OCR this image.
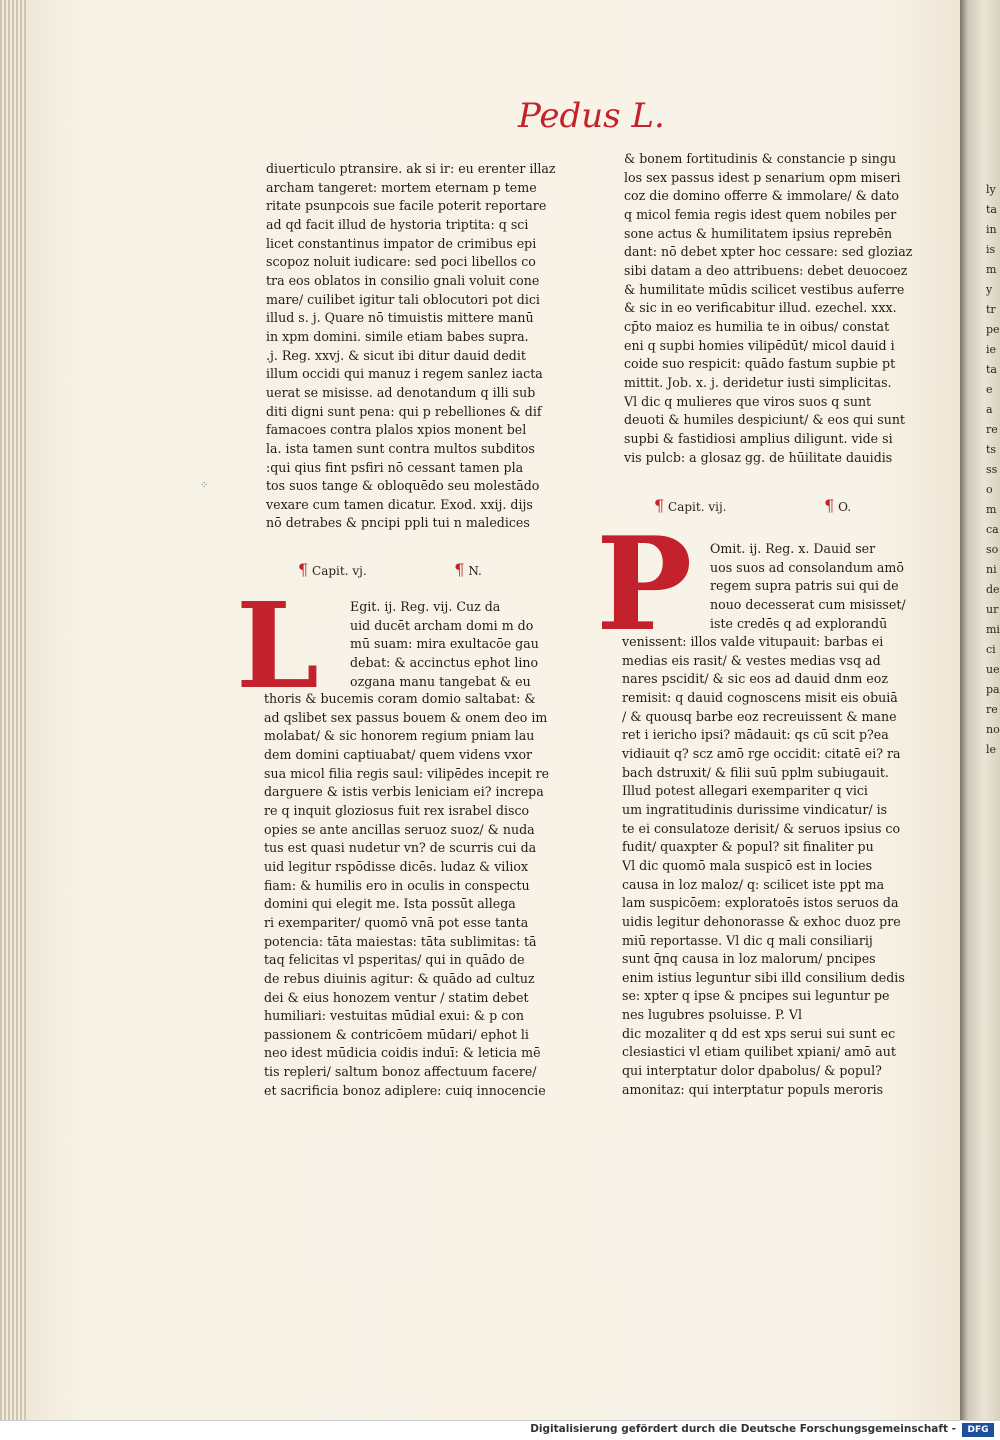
ly ta in is m y tr pe ie ta e a re ts ss o m ca so ni de ur mi ci ue pa re no le
Pedus L.
⁘
diuerticulo ptransire. ak si ir: eu erenter illaz
archam tangeret: mortem eternam p teme
ritate psunpcois sue facile poterit reportare
ad qd facit illud de hystoria triptita: q sci
licet constantinus impator de crimibus epi
scopoz noluit iudicare: sed poci libellos co
tra eos oblatos in consilio gnali voluit cone
mare/ cuilibet igitur tali oblocutori pot dici
illud s. j. Quare nō timuistis mittere manū
in xpm domini. simile etiam babes supra.
.j. Reg. xxvj. & sicut ibi ditur dauid dedit
illum occidi qui manuz i regem sanlez iacta
uerat se misisse. ad denotandum q illi sub
diti digni sunt pena: qui p rebelliones & dif
famacoes contra plalos xpios monent bel
la. ista tamen sunt contra multos subditos
:qui qius fint psfiri nō cessant tamen pla
tos suos tange & obloquēdo seu molestādo
vexare cum tamen dicatur. Exod. xxij. dijs
nō detrabes & pncipi ppli tui n maledices
¶ Capit. vj.	¶ N.
L Egit. ij. Reg. vij. Cuz da
uid ducēt archam domi m do
mū suam: mira exultacōe gau
debat: & accinctus ephot lino
ozgana manu tangebat & eu
thoris & bucemis coram domio saltabat: &
ad qslibet sex passus bouem & onem deo im
molabat/ & sic honorem regium pniam lau
dem domini captiuabat/ quem videns vxor
sua micol filia regis saul: vilipēdes incepit re
darguere & istis verbis leniciam ei? increpa
re q inquit gloziosus fuit rex israbel disco
opies se ante ancillas seruoz suoz/ & nuda
tus est quasi nudetur vn? de scurris cui da
uid legitur rspōdisse dicēs. ludaz & viliox
fiam: & humilis ero in oculis in conspectu
domini qui elegit me. Ista possūt allega
ri exempariter/ quomō vnā pot esse tanta
potencia: tāta maiestas: tāta sublimitas: tā
taq felicitas vl psperitas/ qui in quādo de
de rebus diuinis agitur: & quādo ad cultuz
dei & eius honozem ventur / statim debet
humiliari: vestuitas mūdial exui: & p con
passionem & contricōem mūdari/ ephot li
neo idest mūdicia coidis induī: & leticia mē
tis repleri/ saltum bonoz affectuum facere/
et sacrificia bonoz adiplere: cuiq innocencie
& bonem fortitudinis & constancie p singu
los sex passus idest p senarium opm miseri
coz die domino offerre & immolare/ & dato
q micol femia regis idest quem nobiles per
sone actus & humilitatem ipsius reprebēn
dant: nō debet xpter hoc cessare: sed gloziaz
sibi datam a deo attribuens: debet deuocoez
& humilitate mūdis scilicet vestibus auferre
& sic in eo verificabitur illud. ezechel. xxx.
cp̄to maioz es humilia te in oibus/ constat
eni q supbi homies vilipēdūt/ micol dauid i
coide suo respicit: quādo fastum supbie pt
mittit. Job. x. j. deridetur iusti simplicitas.
Vl dic q mulieres que viros suos q sunt
deuoti & humiles despiciunt/ & eos qui sunt
supbi & fastidiosi amplius diligunt. vide si
vis pulcb: a glosaz gg. de hūilitate dauidis
¶ Capit. vij.	¶ O.
P Omit. ij. Reg. x. Dauid ser
uos suos ad consolandum amō
regem supra patris sui qui de
nouo decesserat cum misisset/
iste credēs q ad explorandū
venissent: illos valde vitupauit: barbas ei
medias eis rasit/ & vestes medias vsq ad
nares pscidit/ & sic eos ad dauid dnm eoz
remisit: q dauid cognoscens misit eis obuiā
/ & quousq barbe eoz recreuissent & mane
ret i iericho ipsi? mādauit: qs cū scit p?ea
vidiauit q? scz amō rge occidit: citatē ei? ra
bach dstruxit/ & filii suū pplm subiugauit.
Illud potest allegari exempariter q vici
um ingratitudinis durissime vindicatur/ is
te ei consulatoze derisit/ & seruos ipsius co
fudit/ quaxpter & popul? sit finaliter pu
Vl dic quomō mala suspicō est in locies
causa in loz maloz/ q: scilicet iste ppt ma
lam suspicōem: exploratoēs istos seruos da
uidis legitur dehonorasse & exhoc duoz pre
miū reportasse. Vl dic q mali consiliarij
sunt q̄nq causa in loz malorum/ pncipes
enim istius leguntur sibi illd consilium dedis
se: xpter q ipse & pncipes sui leguntur pe
nes lugubres psoluisse. P. Vl
dic mozaliter q dd est xps serui sui sunt ec
clesiastici vl etiam quilibet xpiani/ amō aut
qui interptatur dolor dpabolus/ & popul?
amonitaz: qui interptatur populs meroris
Digitalisierung gefördert durch die Deutsche Forschungsgemeinschaft -	DFG
